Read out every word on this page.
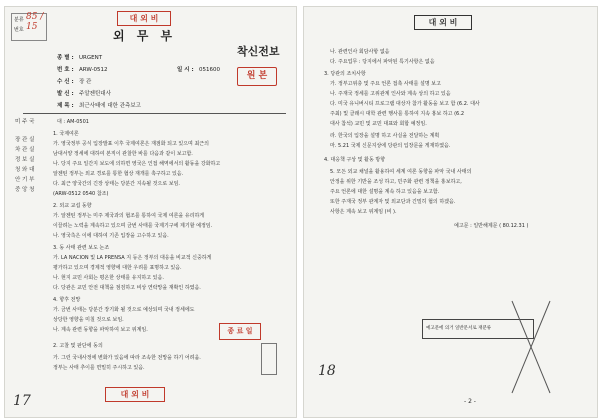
대 외 비
분류
번호
85 / 15
외 무 부
착신전보
종 별 : URGENT
번 호 : ARW-0512	일 시 : 051600
수 신 : 장 관
발 신 : 주알젠틴대사
제 목 : 최근사태에 대한 관측보고
원 본
미 주 국
장 관 실
차 관 실
정 보 실
청 와 대
안 기 부
중 앙 청
대 : AM-0501
1. 국제여론
가. 영국정부 공식 입장발표 이후 국제여론은 재점화 되고 있으며 최근의
남대서양 정세에 대하여 본직이 관찰한 바를 다음과 같이 보고함.
나. 당지 주요 일간지 보도에 의하면 영국은 인접 해역에서의 활동을 강화하고
알젠틴 정부는 외교 경로를 통한 협상 재개를 촉구하고 있음.
다. 최근 양국간의 긴장 상태는 당분간 지속될 것으로 보임.
(ARW-0512 0540 참조)
2. 외교 교섭 동향
가. 알젠틴 정부는 미주 제국과의 협조를 통하여 국제 여론을 유리하게
이끌려는 노력을 계속하고 있으며 금번 사태를 국제기구에 제기할 예정임.
나. 영국측은 이에 대하여 기존 입장을 고수하고 있음.
3. 동 사태 관련 보도 논조
가. LA NACION 및 LA PRENSA 지 등은 정부의 대응을 비교적 신중하게
평가하고 있으며 경제적 영향에 대한 우려를 표명하고 있음.
나. 현지 교민 사회는 평온한 상태를 유지하고 있음.
다. 당관은 교민 안전 대책을 점검하고 비상 연락망을 재확인 하였음.
4. 향후 전망
가. 금번 사태는 당분간 장기화 될 것으로 예상되며 국내 정세에도
상당한 영향을 미칠 것으로 보임.
나. 계속 관련 동향을 파악하여 보고 위계임.
2. 고찰 및 판단에 동의
가. 그런 국내사정에 변화가 있음에 따라 조속한 전망을 하기 어려움.
정부는 사태 추이를 면밀히 주시하고 있음.
종 료 일
대 외 비
17
대 외 비
나. 관련인사 회담사항 없음
다. 주요업무 : 당지에서 파악된 특기사항은 없음
3. 당관의 조치사항
가. 정부고위층 및 주요 언론 접촉 사태를 설명 보고
나. 주재국 정세를 고위관계 인사와 계속 상의 하고 있음
다. 미국 유니버시티 프로그램 대상자 참가 활동을 보고 함 (6.2. 대사
주최) 및 클래시 대학 관련 행사를 통하여 지속 홍보 하고 (6.2
대사 참석) 교민 및 교민 대표와 회합 예정임.
라. 한국의 입장을 설명 하고 사실을 전달하는 계획
마. 5.21 국제 신문지상에 당관의 입장문을 게재하였음.
4. 대응책 구상 및 활동 방향
5. 모든 외교 채널을 활용하여 세계 여론 동향을 파악 국내 사태의
안정을 위한 기반을 조성 하고, 민주화 관련 정책을 홍보하고,
주요 언론에 대한 설명을 계속 하고 있음을 보고함.
또한 주재국 정부 관계자 및 외교단과 긴밀히 협의 하겠음.
사항은 계속 보고 위계임 (비 ).
예고문 : 일반해제문 ( 80.12.31 )
예고문에 의거 일반문서로 재분류
- 2 -
18
